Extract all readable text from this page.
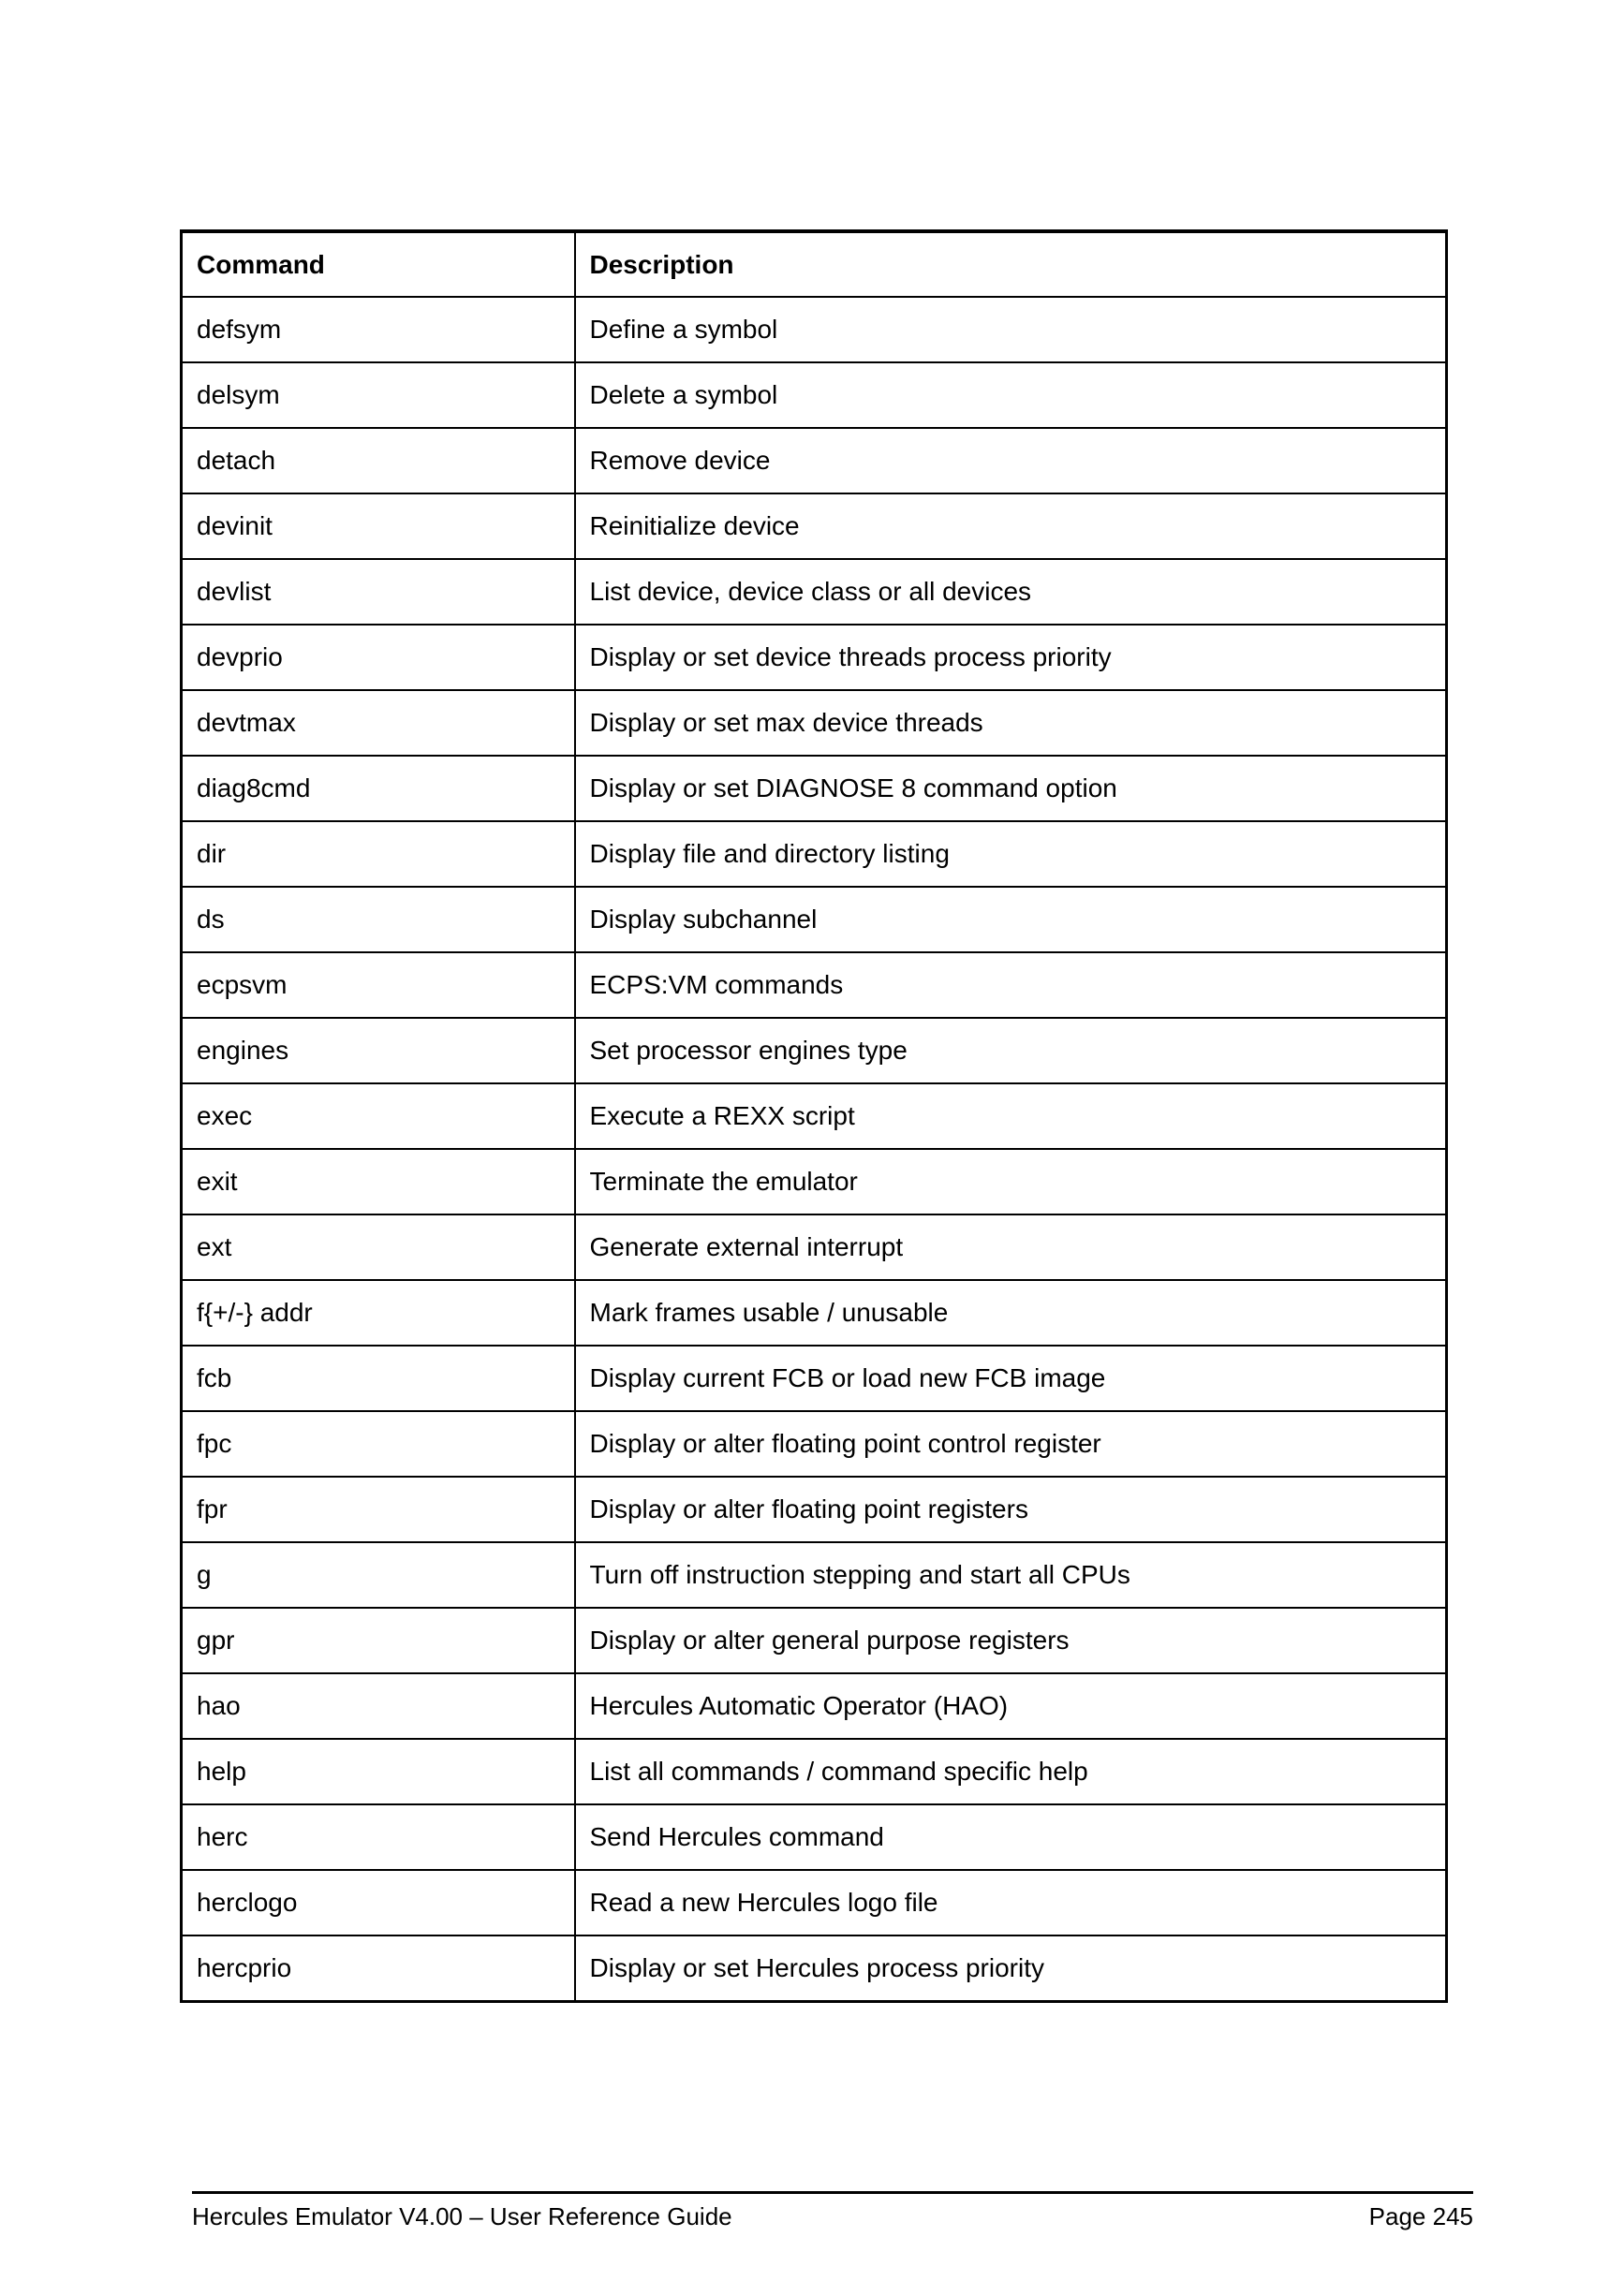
Command	Description
defsym	Define a symbol
delsym	Delete a symbol
detach	Remove device
devinit	Reinitialize device
devlist	List device, device class or all devices
devprio	Display or set device threads process priority
devtmax	Display or set max device threads
diag8cmd	Display or set DIAGNOSE 8 command option
dir	Display file and directory listing
ds	Display subchannel
ecpsvm	ECPS:VM commands
engines	Set processor engines type
exec	Execute a REXX script
exit	Terminate the emulator
ext	Generate external interrupt
f{+/-} addr	Mark frames usable / unusable
fcb	Display current FCB or load new FCB image
fpc	Display or alter floating point control register
fpr	Display or alter floating point registers
g	Turn off instruction stepping and start all CPUs
gpr	Display or alter general purpose registers
hao	Hercules Automatic Operator (HAO)
help	List all commands / command specific help
herc	Send Hercules command
herclogo	Read a new Hercules logo file
hercprio	Display or set Hercules process priority
Hercules Emulator V4.00 – User Reference Guide	Page 245
